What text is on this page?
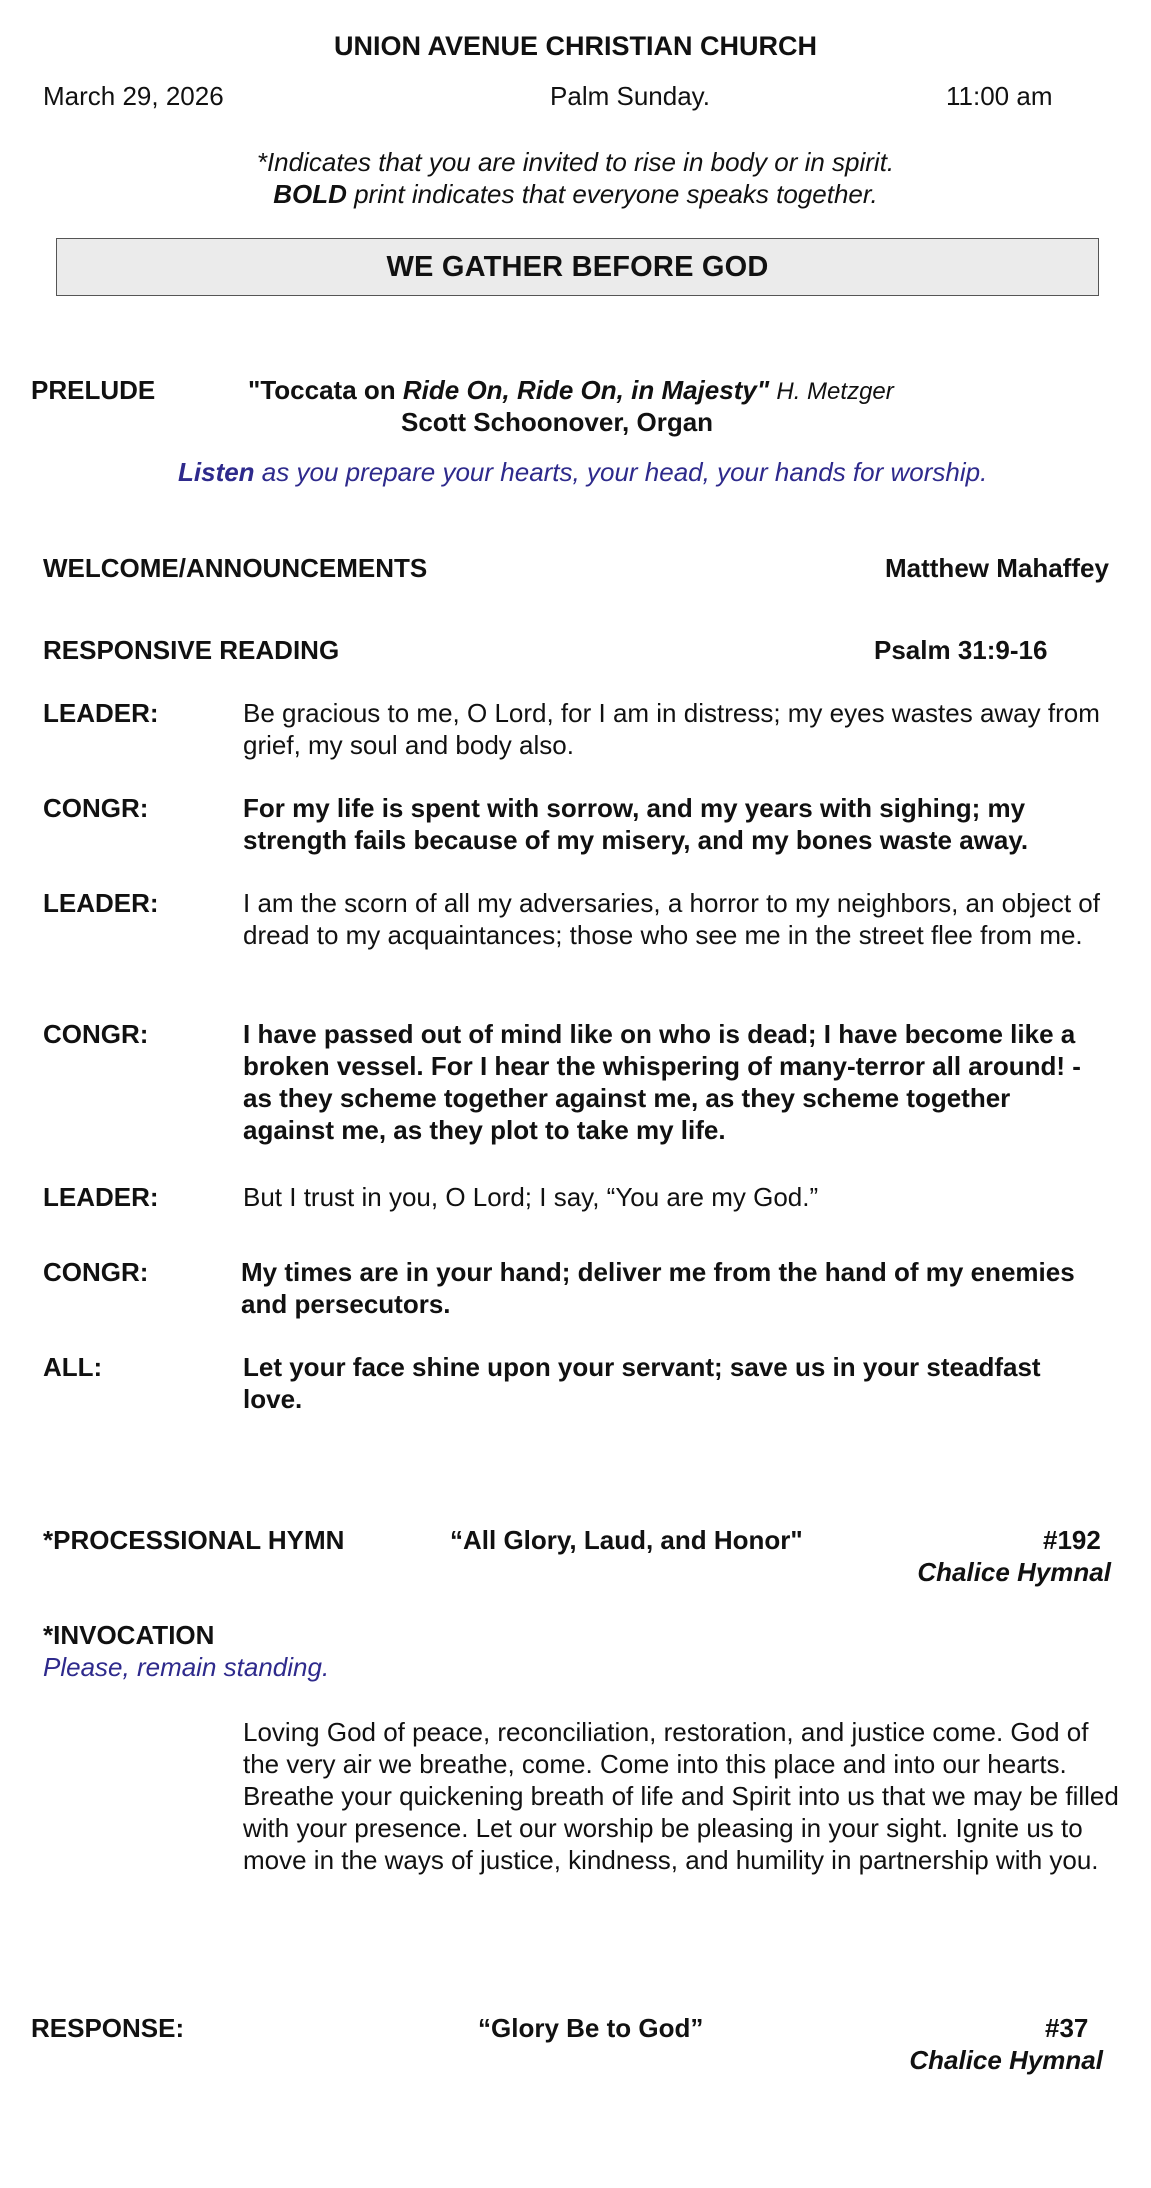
UNION AVENUE CHRISTIAN CHURCH
March 29, 2026	Palm Sunday.	11:00 am
*Indicates that you are invited to rise in body or in spirit.
BOLD print indicates that everyone speaks together.
WE GATHER BEFORE GOD
PRELUDE	"Toccata on Ride On, Ride On, in Majesty" H. Metzger
Scott Schoonover, Organ
Listen as you prepare your hearts, your head, your hands for worship.
WELCOME/ANNOUNCEMENTS	Matthew Mahaffey
RESPONSIVE READING	Psalm 31:9-16
LEADER:	Be gracious to me, O Lord, for I am in distress; my eyes wastes away from grief, my soul and body also.
CONGR:	For my life is spent with sorrow, and my years with sighing; my strength fails because of my misery, and my bones waste away.
LEADER:	I am the scorn of all my adversaries, a horror to my neighbors, an object of dread to my acquaintances; those who see me in the street flee from me.
CONGR:	I have passed out of mind like on who is dead; I have become like a broken vessel. For I hear the whispering of many-terror all around! -as they scheme together against me, as they scheme together against me, as they plot to take my life.
LEADER:	But I trust in you, O Lord; I say, “You are my God.”
CONGR:	My times are in your hand; deliver me from the hand of my enemies and persecutors.
ALL:	Let your face shine upon your servant; save us in your steadfast love.
*PROCESSIONAL HYMN	“All Glory, Laud, and Honor"	#192
Chalice Hymnal
*INVOCATION
Please, remain standing.
Loving God of peace, reconciliation, restoration, and justice come. God of the very air we breathe, come. Come into this place and into our hearts. Breathe your quickening breath of life and Spirit into us that we may be filled with your presence. Let our worship be pleasing in your sight. Ignite us to move in the ways of justice, kindness, and humility in partnership with you.
RESPONSE:	“Glory Be to God”	#37
Chalice Hymnal
